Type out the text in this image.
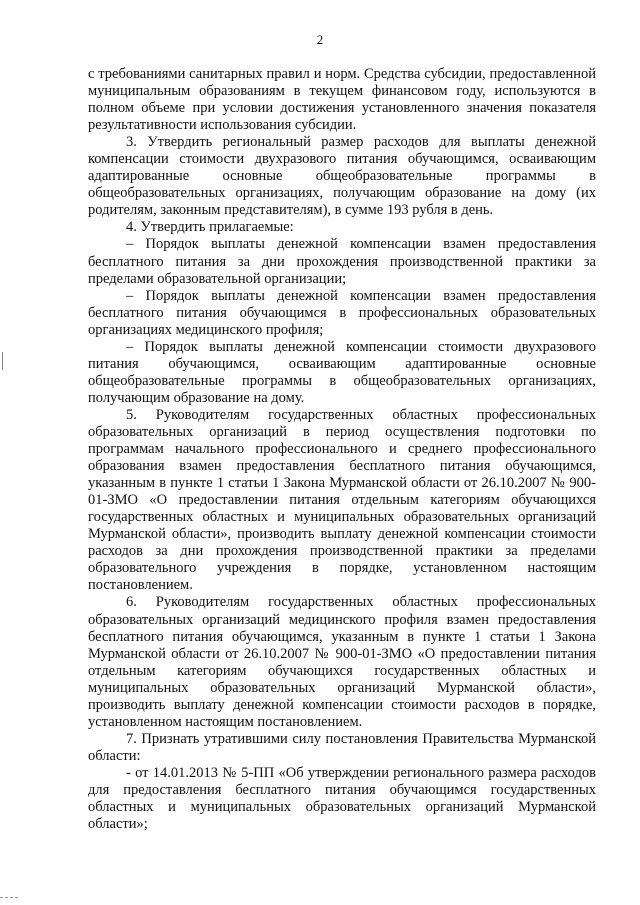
2

с требованиями санитарных правил и норм. Средства субсидии, предоставленной муниципальным образованиям в текущем финансовом году, используются в полном объеме при условии достижения установленного значения показателя результативности использования субсидии.

3. Утвердить региональный размер расходов для выплаты денежной компенсации стоимости двухразового питания обучающимся, осваивающим адаптированные основные общеобразовательные программы в общеобразовательных организациях, получающим образование на дому (их родителям, законным представителям), в сумме 193 рубля в день.

4. Утвердить прилагаемые:

– Порядок выплаты денежной компенсации взамен предоставления бесплатного питания за дни прохождения производственной практики за пределами образовательной организации;

– Порядок выплаты денежной компенсации взамен предоставления бесплатного питания обучающимся в профессиональных образовательных организациях медицинского профиля;

– Порядок выплаты денежной компенсации стоимости двухразового питания обучающимся, осваивающим адаптированные основные общеобразовательные программы в общеобразовательных организациях, получающим образование на дому.

5. Руководителям государственных областных профессиональных образовательных организаций в период осуществления подготовки по программам начального профессионального и среднего профессионального образования взамен предоставления бесплатного питания обучающимся, указанным в пункте 1 статьи 1 Закона Мурманской области от 26.10.2007 № 900-01-ЗМО «О предоставлении питания отдельным категориям обучающихся государственных областных и муниципальных образовательных организаций Мурманской области», производить выплату денежной компенсации стоимости расходов за дни прохождения производственной практики за пределами образовательного учреждения в порядке, установленном настоящим постановлением.

6. Руководителям государственных областных профессиональных образовательных организаций медицинского профиля взамен предоставления бесплатного питания обучающимся, указанным в пункте 1 статьи 1 Закона Мурманской области от 26.10.2007 № 900-01-ЗМО «О предоставлении питания отдельным категориям обучающихся государственных областных и муниципальных образовательных организаций Мурманской области», производить выплату денежной компенсации стоимости расходов в порядке, установленном настоящим постановлением.

7. Признать утратившими силу постановления Правительства Мурманской области:

- от 14.01.2013 № 5-ПП «Об утверждении регионального размера расходов для предоставления бесплатного питания обучающимся государственных областных и муниципальных образовательных организаций Мурманской области»;
